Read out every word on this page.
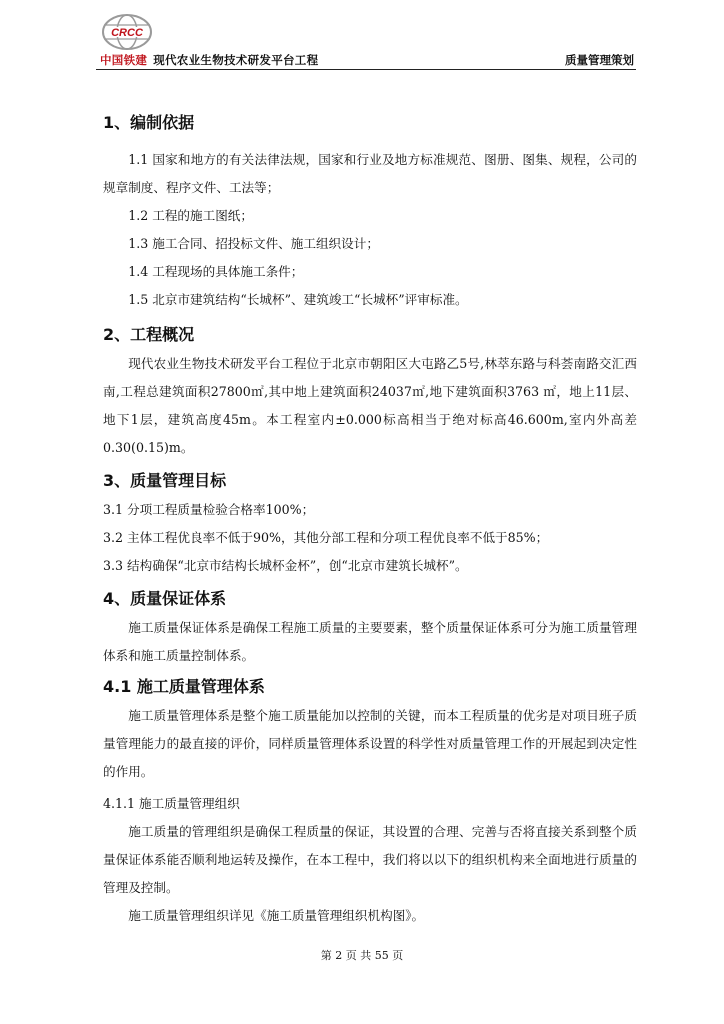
CRCC
中国铁建 现代农业生物技术研发平台工程	质量管理策划
1、编制依据

1.1 国家和地方的有关法律法规，国家和行业及地方标准规范、图册、图集、规程，公司的规章制度、程序文件、工法等；

1.2 工程的施工图纸；

1.3 施工合同、招投标文件、施工组织设计；

1.4 工程现场的具体施工条件；

1.5 北京市建筑结构“长城杯”、建筑竣工“长城杯”评审标准。

2、工程概况

现代农业生物技术研发平台工程位于北京市朝阳区大屯路乙5号,林萃东路与科荟南路交汇西南,工程总建筑面积27800㎡,其中地上建筑面积24037㎡,地下建筑面积3763 ㎡，地上11层、地下1层，建筑高度45m。本工程室内±0.000标高相当于绝对标高46.600m,室内外高差0.30(0.15)m。

3、质量管理目标

3.1 分项工程质量检验合格率100%；

3.2 主体工程优良率不低于90%，其他分部工程和分项工程优良率不低于85%；

3.3 结构确保“北京市结构长城杯金杯”，创“北京市建筑长城杯”。

4、质量保证体系

施工质量保证体系是确保工程施工质量的主要要素，整个质量保证体系可分为施工质量管理体系和施工质量控制体系。

4.1 施工质量管理体系

施工质量管理体系是整个施工质量能加以控制的关键，而本工程质量的优劣是对项目班子质量管理能力的最直接的评价，同样质量管理体系设置的科学性对质量管理工作的开展起到决定性的作用。

4.1.1 施工质量管理组织

施工质量的管理组织是确保工程质量的保证，其设置的合理、完善与否将直接关系到整个质量保证体系能否顺利地运转及操作，在本工程中，我们将以以下的组织机构来全面地进行质量的管理及控制。

施工质量管理组织详见《施工质量管理组织机构图》。

第 2 页 共 55 页
